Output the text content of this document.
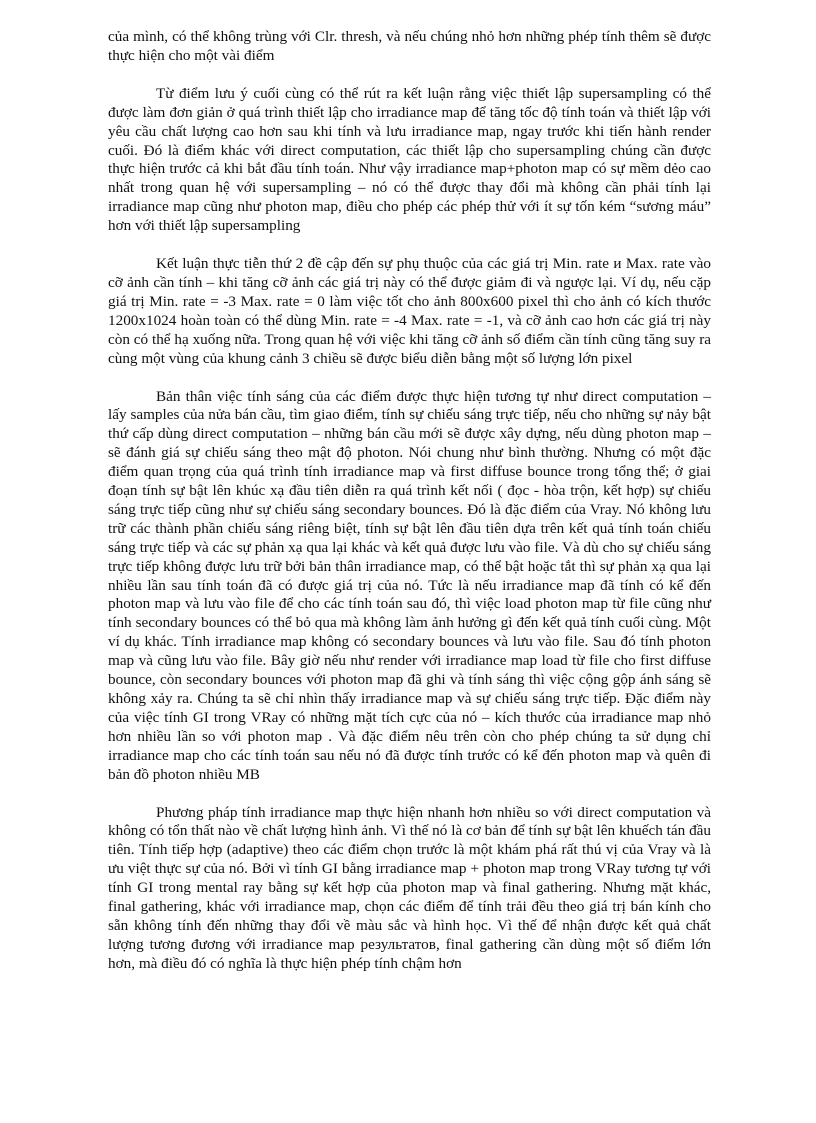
của mình, có thể không trùng với Clr. thresh, và nếu chúng nhỏ hơn những phép tính thêm sẽ được thực hiện cho một vài điểm

Từ điểm lưu ý cuối cùng có thể rút ra kết luận rằng việc thiết lập supersampling có thể được làm đơn giản ở quá trình thiết lập cho irradiance map để tăng tốc độ tính toán và thiết lập với yêu cầu chất lượng cao hơn sau khi tính và lưu irradiance map, ngay trước khi tiến hành render cuối. Đó là điểm khác với direct computation, các thiết lập cho supersampling chúng cần được thực hiện trước cả khi bắt đầu tính toán. Như vậy irradiance map+photon map có sự mềm dẻo cao nhất trong quan hệ với supersampling – nó có thể được thay đổi mà không cần phải tính lại irradiance map cũng như photon map, điều cho phép các phép thử với ít sự tốn kém “sương máu” hơn với thiết lập supersampling

Kết luận thực tiễn thứ 2 đề cập đến sự phụ thuộc của các giá trị Min. rate и Max. rate vào cỡ ảnh cần tính – khi tăng cỡ ảnh các giá trị này có thể được giảm đi và ngược lại. Ví dụ, nếu cặp giá trị Min. rate = -3 Max. rate = 0 làm việc tốt cho ảnh 800x600 pixel thì cho ảnh có kích thước 1200x1024 hoàn toàn có thể dùng Min. rate = -4 Max. rate = -1, và cỡ ảnh cao hơn các giá trị này còn có thể hạ xuống nữa. Trong quan hệ với việc khi tăng cỡ ảnh số điểm cần tính cũng tăng suy ra cùng một vùng của khung cảnh 3 chiều sẽ được biểu diễn bằng một số lượng lớn pixel

Bản thân việc tính sáng của các điểm được thực hiện tương tự như direct computation – lấy samples của nửa bán cầu, tìm giao điểm, tính sự chiếu sáng trực tiếp, nếu cho những sự nảy bật thứ cấp dùng direct computation – những bán cầu mới sẽ được xây dựng, nếu dùng photon map – sẽ đánh giá sự chiếu sáng theo mật độ photon. Nói chung như bình thường. Nhưng có một đặc điểm quan trọng của quá trình tính irradiance map và first diffuse bounce trong tổng thể; ở giai đoạn tính sự bật lên khúc xạ đầu tiên diễn ra quá trình kết nối ( đọc - hòa trộn, kết hợp) sự chiếu sáng trực tiếp cũng như sự chiếu sáng secondary bounces. Đó là đặc điểm của Vray. Nó không lưu trữ các thành phần chiếu sáng riêng biệt, tính sự bật lên đầu tiên dựa trên kết quả tính toán chiếu sáng trực tiếp và các sự phản xạ qua lại khác và kết quả được lưu vào file. Và dù cho sự chiếu sáng trực tiếp không được lưu trữ bởi bản thân irradiance map, có thể bật hoặc tắt thì sự phản xạ qua lại nhiều lần sau tính toán đã có được giá trị của nó. Tức là nếu irradiance map đã tính có kể đến photon map và lưu vào file để cho các tính toán sau đó, thì việc load photon map từ file cũng như tính secondary bounces có thể bỏ qua mà không làm ảnh hưởng gì đến kết quả tính cuối cùng. Một ví dụ khác. Tính irradiance map không có secondary bounces và lưu vào file. Sau đó tính photon map và cũng lưu vào file. Bây giờ nếu như render với irradiance map load từ file cho first diffuse bounce, còn secondary bounces với photon map đã ghi và tính sáng thì việc cộng gộp ánh sáng sẽ không xảy ra. Chúng ta sẽ chỉ nhìn thấy irradiance map và sự chiếu sáng trực tiếp. Đặc điểm này của việc tính GI trong VRay có những mặt tích cực của nó – kích thước của irradiance map nhỏ hơn nhiều lần so với photon map . Và đặc điểm nêu trên còn cho phép chúng ta sử dụng chỉ irradiance map cho các tính toán sau nếu nó đã được tính trước có kể đến photon map và quên đi bản đồ photon nhiều MB

Phương pháp tính irradiance map thực hiện nhanh hơn nhiều so với direct computation và không có tổn thất nào về chất lượng hình ảnh. Vì thế nó là cơ bản để tính sự bật lên khuếch tán đầu tiên. Tính tiếp hợp (adaptive) theo các điểm chọn trước là một khám phá rất thú vị của Vray và là ưu việt thực sự của nó. Bởi vì tính GI bằng irradiance map + photon map trong VRay tương tự với tính GI trong mental ray bằng sự kết hợp của photon map và final gathering. Nhưng mặt khác, final gathering, khác với irradiance map, chọn các điểm để tính trải đều theo giá trị bán kính cho sẵn không tính đến những thay đổi về màu sắc và hình học. Vì thế để nhận được kết quả chất lượng tương đương với irradiance map результатов, final gathering cần dùng một số điểm lớn hơn, mà điều đó có nghĩa là thực hiện phép tính chậm hơn
